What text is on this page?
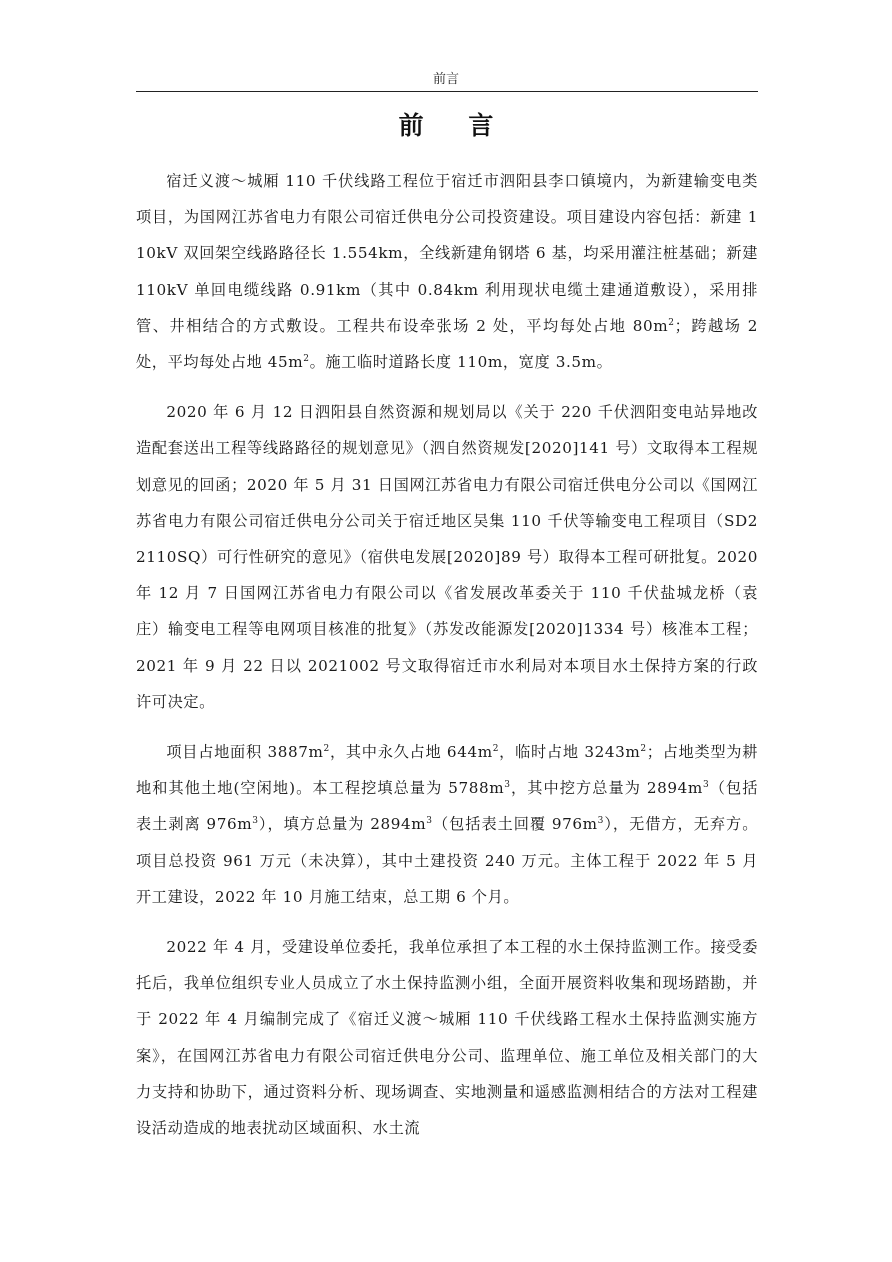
前言
前 言

宿迁义渡～城厢 110 千伏线路工程位于宿迁市泗阳县李口镇境内，为新建输变电类项目，为国网江苏省电力有限公司宿迁供电分公司投资建设。项目建设内容包括：新建 110kV 双回架空线路路径长 1.554km，全线新建角钢塔 6 基，均采用灌注桩基础；新建 110kV 单回电缆线路 0.91km（其中 0.84km 利用现状电缆土建通道敷设），采用排管、井相结合的方式敷设。工程共布设牵张场 2 处，平均每处占地 $80m^2$；跨越场 2 处，平均每处占地 $45m^2$。施工临时道路长度 110m，宽度 3.5m。

2020 年 6 月 12 日泗阳县自然资源和规划局以《关于 220 千伏泗阳变电站异地改造配套送出工程等线路路径的规划意见》（泗自然资规发[2020]141 号）文取得本工程规划意见的回函；2020 年 5 月 31 日国网江苏省电力有限公司宿迁供电分公司以《国网江苏省电力有限公司宿迁供电分公司关于宿迁地区吴集 110 千伏等输变电工程项目（SD22110SQ）可行性研究的意见》（宿供电发展[2020]89 号）取得本工程可研批复。2020 年 12 月 7 日国网江苏省电力有限公司以《省发展改革委关于 110 千伏盐城龙桥（袁庄）输变电工程等电网项目核准的批复》（苏发改能源发[2020]1334 号）核准本工程；2021 年 9 月 22 日以 2021002 号文取得宿迁市水利局对本项目水土保持方案的行政许可决定。

项目占地面积 $3887m^2$，其中永久占地 $644m^2$，临时占地 $3243m^2$；占地类型为耕地和其他土地(空闲地)。本工程挖填总量为 $5788m^3$，其中挖方总量为 $2894m^3$（包括表土剥离 $976m^3$），填方总量为 $2894m^3$（包括表土回覆 $976m^3$），无借方，无弃方。项目总投资 961 万元（未决算），其中土建投资 240 万元。主体工程于 2022 年 5 月开工建设，2022 年 10 月施工结束，总工期 6 个月。

2022 年 4 月，受建设单位委托，我单位承担了本工程的水土保持监测工作。接受委托后，我单位组织专业人员成立了水土保持监测小组，全面开展资料收集和现场踏勘，并于 2022 年 4 月编制完成了《宿迁义渡～城厢 110 千伏线路工程水土保持监测实施方案》，在国网江苏省电力有限公司宿迁供电分公司、监理单位、施工单位及相关部门的大力支持和协助下，通过资料分析、现场调查、实地测量和遥感监测相结合的方法对工程建设活动造成的地表扰动区域面积、水土流
